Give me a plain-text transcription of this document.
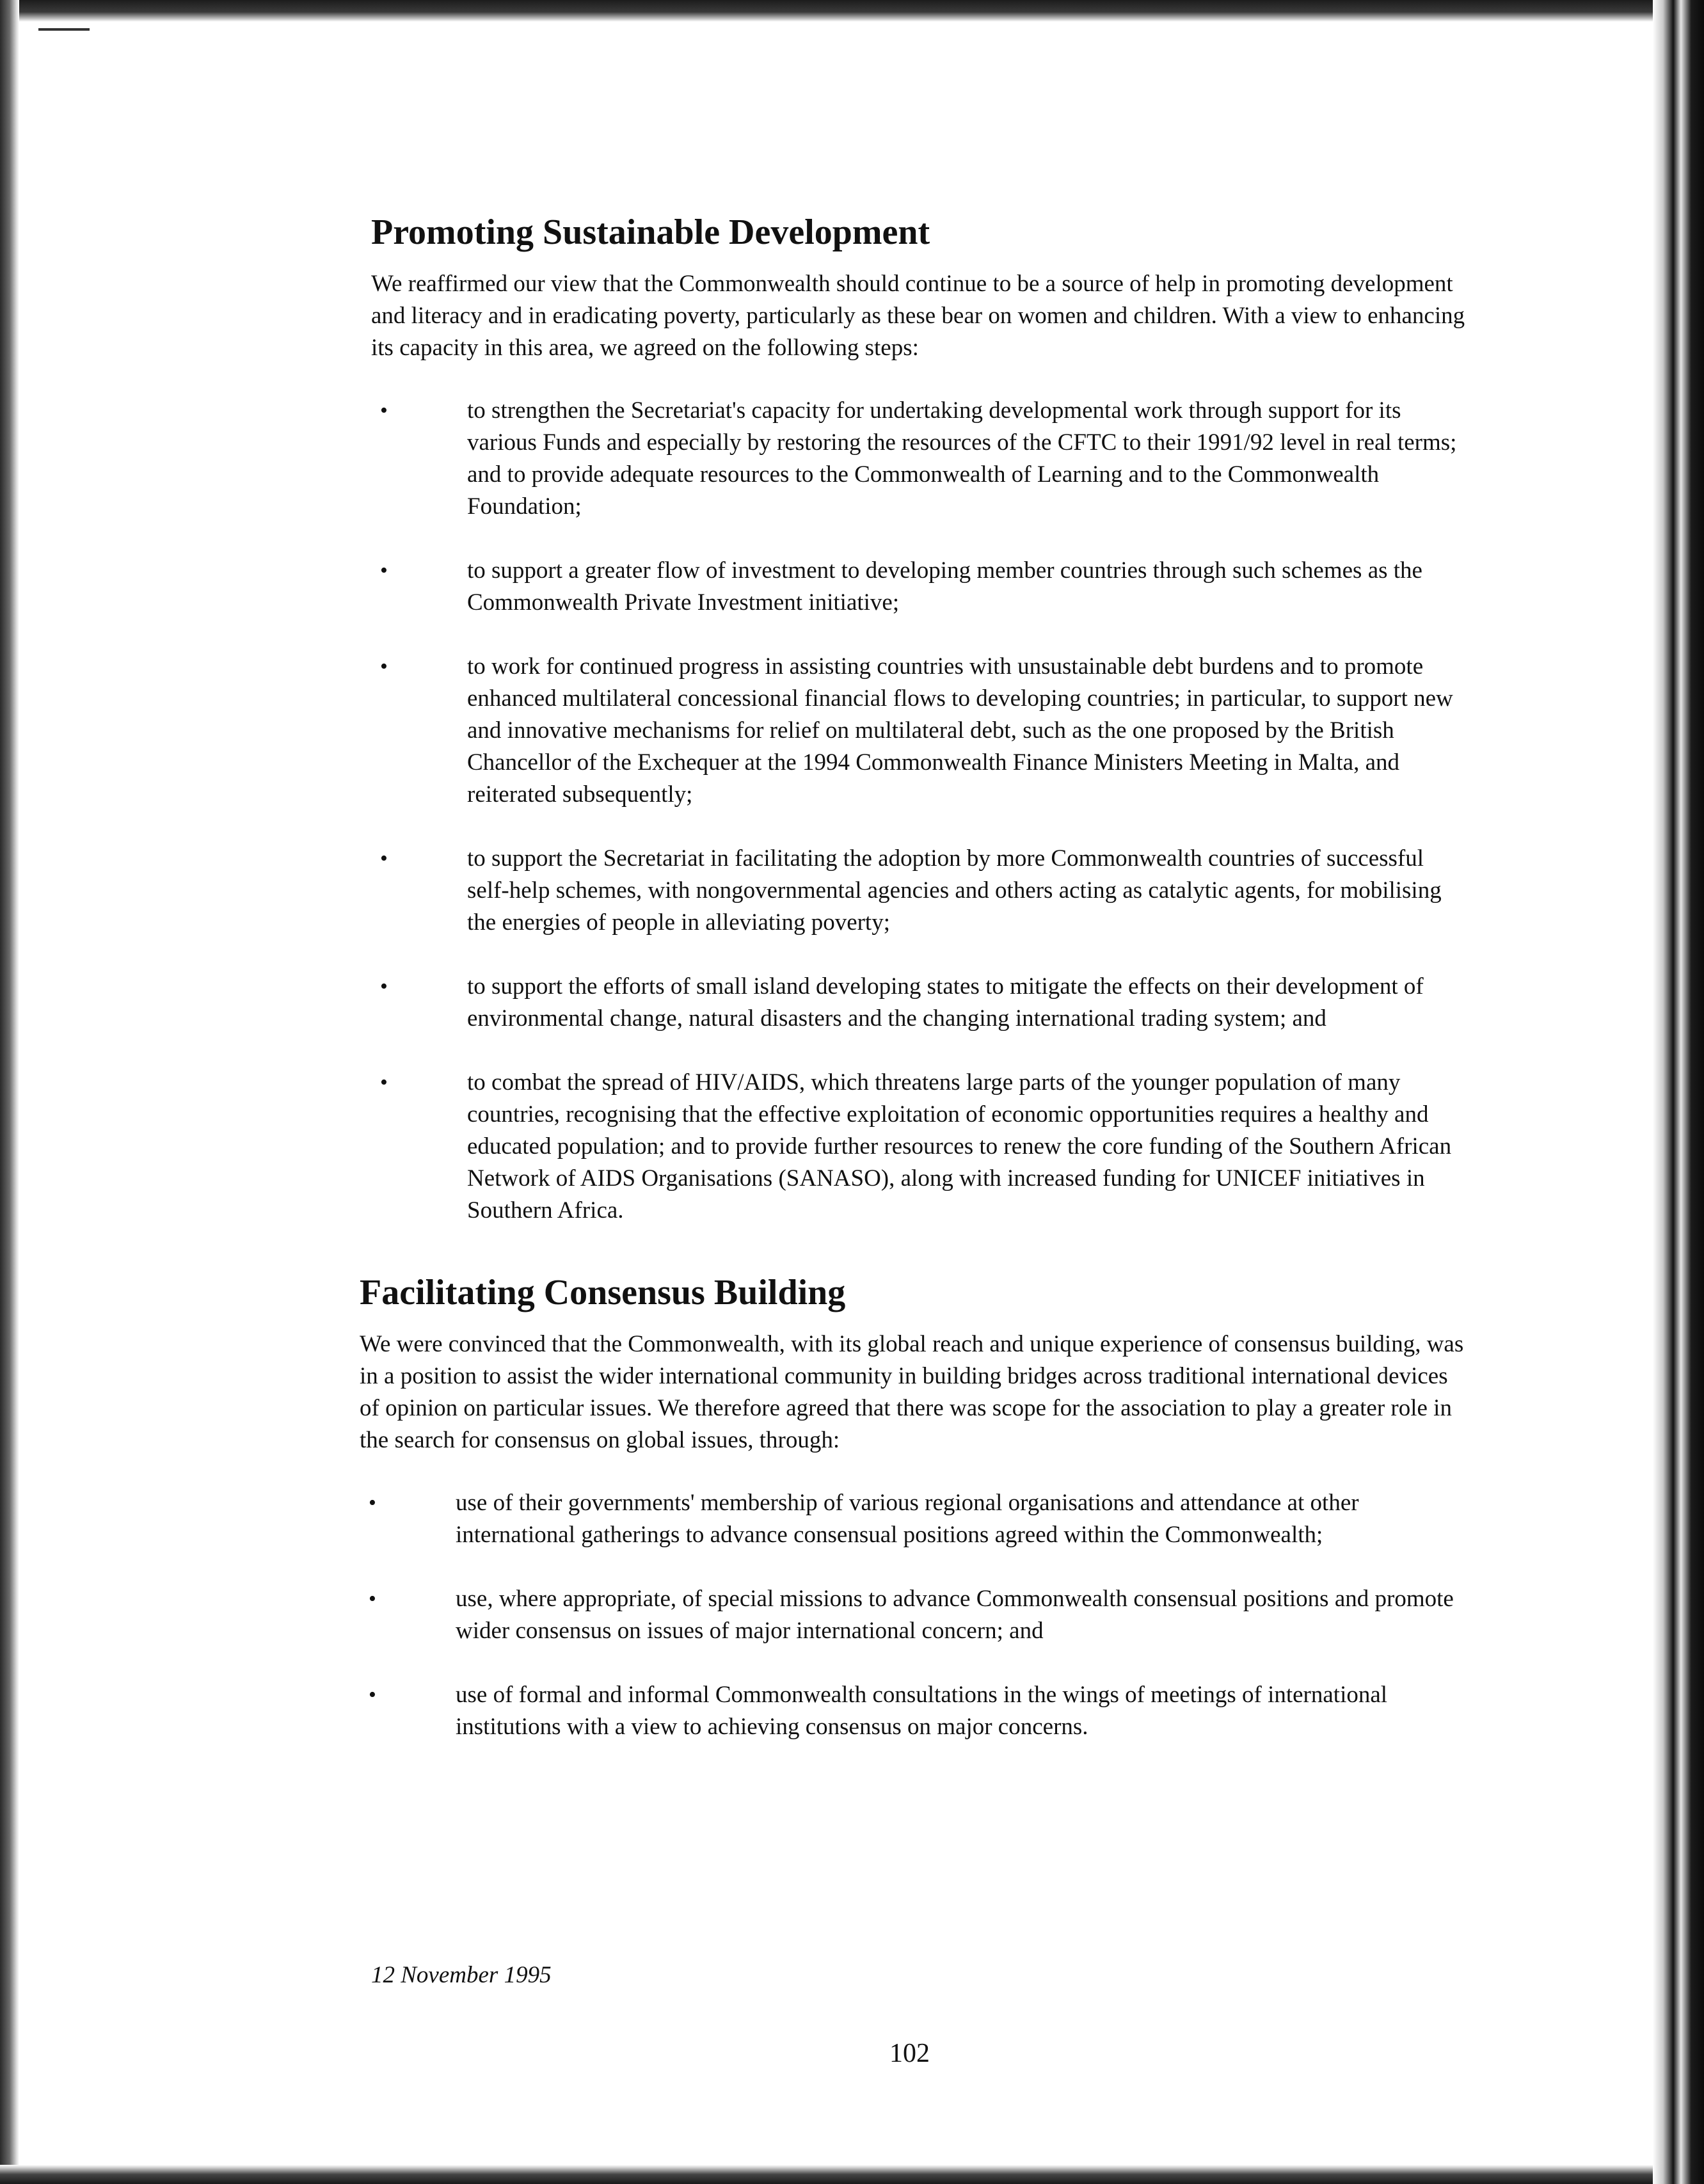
Promoting Sustainable Development

We reaffirmed our view that the Commonwealth should continue to be a source of help in promoting development and literacy and in eradicating poverty, particularly as these bear on women and children. With a view to enhancing its capacity in this area, we agreed on the following steps:

•	to strengthen the Secretariat's capacity for undertaking developmental work through support for its various Funds and especially by restoring the resources of the CFTC to their 1991/92 level in real terms; and to provide adequate resources to the Commonwealth of Learning and to the Commonwealth Foundation;
•	to support a greater flow of investment to developing member countries through such schemes as the Commonwealth Private Investment initiative;
•	to work for continued progress in assisting countries with unsustainable debt burdens and to promote enhanced multilateral concessional financial flows to developing countries; in particular, to support new and innovative mechanisms for relief on multilateral debt, such as the one proposed by the British Chancellor of the Exchequer at the 1994 Commonwealth Finance Ministers Meeting in Malta, and reiterated subsequently;
•	to support the Secretariat in facilitating the adoption by more Commonwealth countries of successful self-help schemes, with nongovernmental agencies and others acting as catalytic agents, for mobilising the energies of people in alleviating poverty;
•	to support the efforts of small island developing states to mitigate the effects on their development of environmental change, natural disasters and the changing international trading system; and
•	to combat the spread of HIV/AIDS, which threatens large parts of the younger population of many countries, recognising that the effective exploitation of economic opportunities requires a healthy and educated population; and to provide further resources to renew the core funding of the Southern African Network of AIDS Organisations (SANASO), along with increased funding for UNICEF initiatives in Southern Africa.
Facilitating Consensus Building

We were convinced that the Commonwealth, with its global reach and unique experience of consensus building, was in a position to assist the wider international community in building bridges across traditional international devices of opinion on particular issues. We therefore agreed that there was scope for the association to play a greater role in the search for consensus on global issues, through:

•	use of their governments' membership of various regional organisations and attendance at other international gatherings to advance consensual positions agreed within the Commonwealth;
•	use, where appropriate, of special missions to advance Commonwealth consensual positions and promote wider consensus on issues of major international concern; and
•	use of formal and informal Commonwealth consultations in the wings of meetings of international institutions with a view to achieving consensus on major concerns.
12 November 1995
102
